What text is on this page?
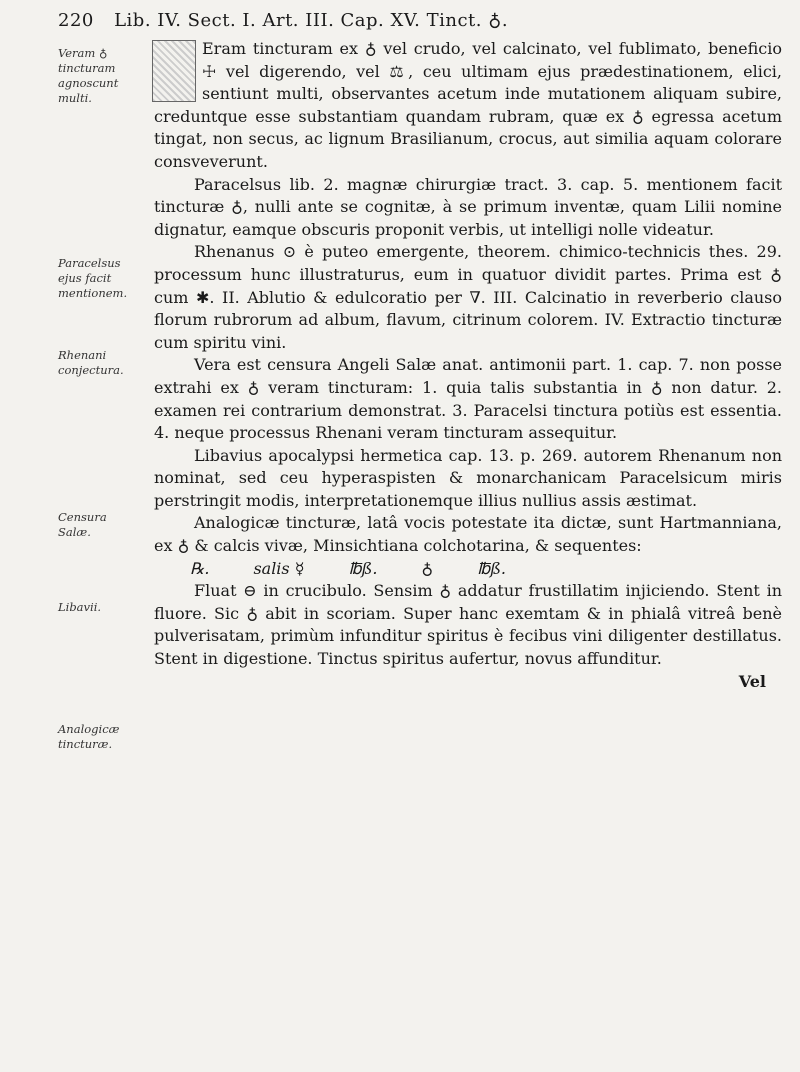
220 Lib. IV. Sect. I. Art. III. Cap. XV. Tinct. ♁.
Veram ♁ tincturam agnoscunt multi.
Paracelsus ejus facit mentionem.
Rhenani conjectura.
Censura Salæ.
Libavii.
Analogicæ tincturæ.

Eram tincturam ex ♁ vel crudo, vel calcinato, vel fublimato, beneficio ☩ vel digerendo, vel ⚖, ceu ultimam ejus prædestinationem, elici, sentiunt multi, observantes acetum inde mutationem aliquam subire, creduntque esse substantiam quandam rubram, quæ ex ♁ egressa acetum tingat, non secus, ac lignum Brasilianum, crocus, aut similia aquam colorare consveverunt.

Paracelsus lib. 2. magnæ chirurgiæ tract. 3. cap. 5. mentionem facit tincturæ ♁, nulli ante se cognitæ, à se primum inventæ, quam Lilii nomine dignatur, eamque obscuris proponit verbis, ut intelligi nolle videatur.

Rhenanus ⊙ è puteo emergente, theorem. chimico-technicis thes. 29. processum hunc illustraturus, eum in quatuor dividit partes. Prima est ♁ cum ✱. II. Ablutio & edulcoratio per ∇. III. Calcinatio in reverberio clauso florum rubrorum ad album, flavum, citrinum colorem. IV. Extractio tincturæ cum spiritu vini.

Vera est censura Angeli Salæ anat. antimonii part. 1. cap. 7. non posse extrahi ex ♁ veram tincturam: 1. quia talis substantia in ♁ non datur. 2. examen rei contrarium demonstrat. 3. Paracelsi tinctura potiùs est essentia. 4. neque processus Rhenani veram tincturam assequitur.

Libavius apocalypsi hermetica cap. 13. p. 269. autorem Rhenanum non nominat, sed ceu hyperaspisten & monarchanicam Paracelsicum miris perstringit modis, interpretationemque illius nullius assis æstimat.

Analogicæ tincturæ, latâ vocis potestate ita dictæ, sunt Hartmanniana, ex ♁ & calcis vivæ, Minsichtiana colchotarina, & sequentes:

℞.	salis ☿	℔ß.	♁	℔ß.

Fluat ⊖ in crucibulo. Sensim ♁ addatur frustillatim injiciendo. Stent in fluore. Sic ♁ abit in scoriam. Super hanc exemtam & in phialâ vitreâ benè pulverisatam, primùm infunditur spiritus è fecibus vini diligenter destillatus. Stent in digestione. Tinctus spiritus aufertur, novus affunditur.

Vel
